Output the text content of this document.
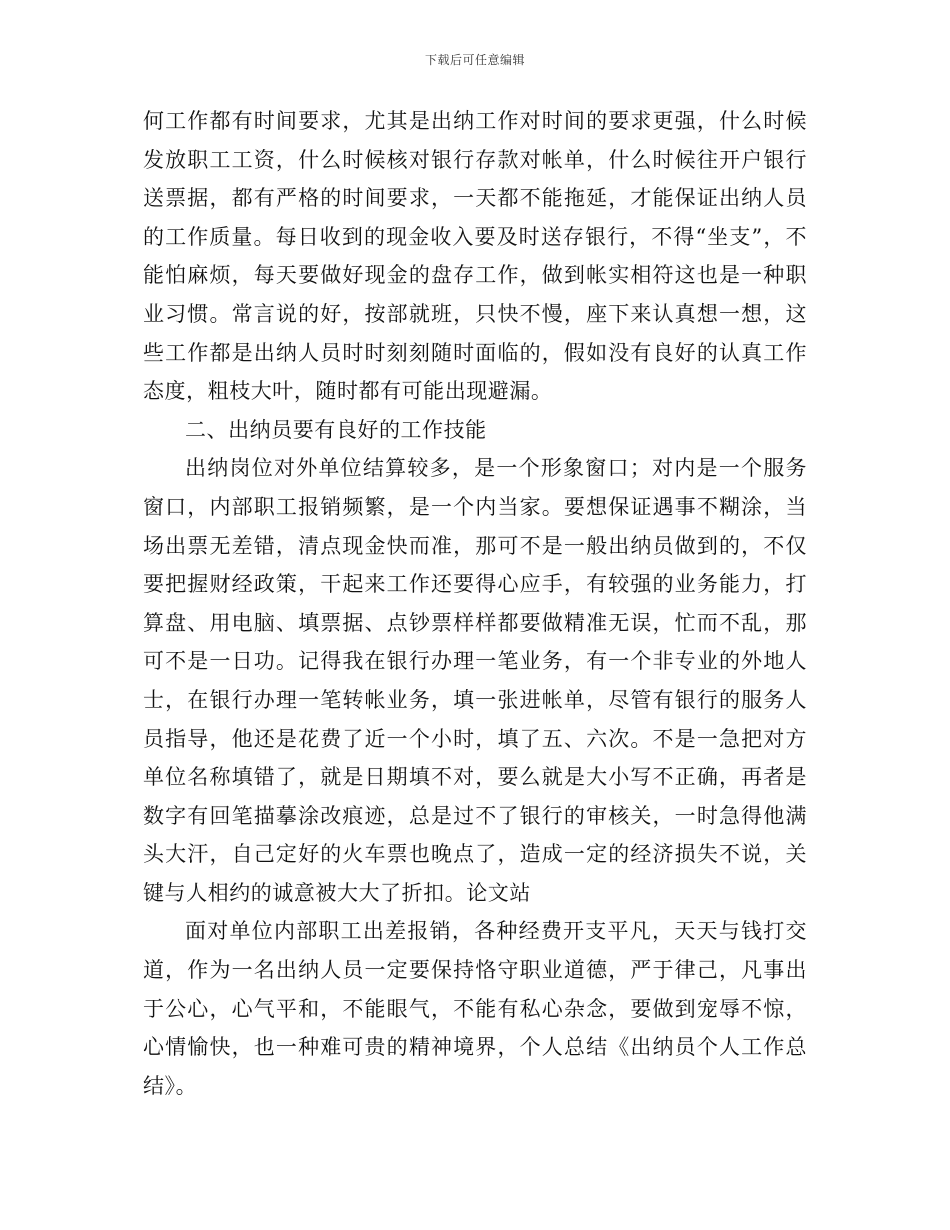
下载后可任意编辑

何工作都有时间要求，尤其是出纳工作对时间的要求更强，什么时候发放职工工资，什么时候核对银行存款对帐单，什么时候往开户银行送票据，都有严格的时间要求，一天都不能拖延，才能保证出纳人员的工作质量。每日收到的现金收入要及时送存银行，不得“坐支”，不能怕麻烦，每天要做好现金的盘存工作，做到帐实相符这也是一种职业习惯。常言说的好，按部就班，只快不慢，座下来认真想一想，这些工作都是出纳人员时时刻刻随时面临的，假如没有良好的认真工作态度，粗枝大叶，随时都有可能出现避漏。

二、出纳员要有良好的工作技能

出纳岗位对外单位结算较多，是一个形象窗口；对内是一个服务窗口，内部职工报销频繁，是一个内当家。要想保证遇事不糊涂，当场出票无差错，清点现金快而准，那可不是一般出纳员做到的，不仅要把握财经政策，干起来工作还要得心应手，有较强的业务能力，打算盘、用电脑、填票据、点钞票样样都要做精准无误，忙而不乱，那可不是一日功。记得我在银行办理一笔业务，有一个非专业的外地人士，在银行办理一笔转帐业务，填一张进帐单，尽管有银行的服务人员指导，他还是花费了近一个小时，填了五、六次。不是一急把对方单位名称填错了，就是日期填不对，要么就是大小写不正确，再者是数字有回笔描摹涂改痕迹，总是过不了银行的审核关，一时急得他满头大汗，自己定好的火车票也晚点了，造成一定的经济损失不说，关键与人相约的诚意被大大了折扣。论文站

面对单位内部职工出差报销，各种经费开支平凡，天天与钱打交道，作为一名出纳人员一定要保持恪守职业道德，严于律己，凡事出于公心，心气平和，不能眼气，不能有私心杂念，要做到宠辱不惊，心情愉快，也一种难可贵的精神境界，个人总结《出纳员个人工作总结》。
